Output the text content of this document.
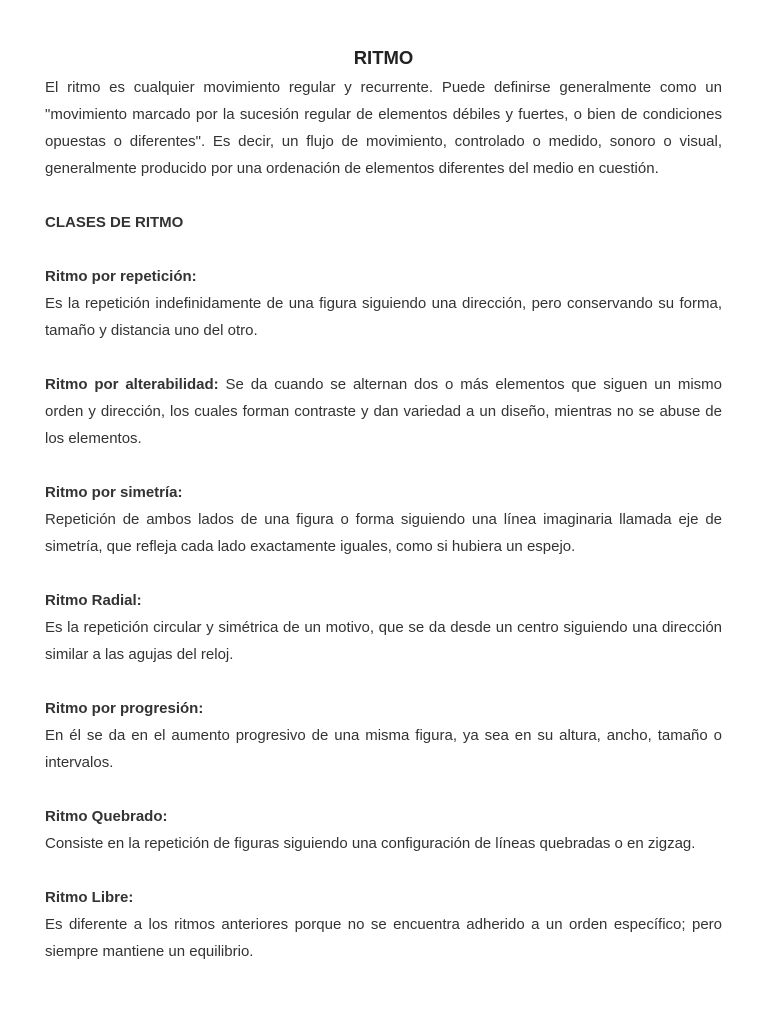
RITMO

El ritmo es cualquier movimiento regular y recurrente. Puede definirse generalmente como un "movimiento marcado por la sucesión regular de elementos débiles y fuertes, o bien de condiciones opuestas o diferentes". Es decir, un flujo de movimiento, controlado o medido, sonoro o visual, generalmente producido por una ordenación de elementos diferentes del medio en cuestión.

CLASES DE RITMO
Ritmo por repetición:
Es la repetición indefinidamente de una figura siguiendo una dirección, pero conservando su forma, tamaño y distancia uno del otro.

Ritmo por alterabilidad: Se da cuando se alternan dos o más elementos que siguen un mismo orden y dirección, los cuales forman contraste y dan variedad a un diseño, mientras no se abuse de los elementos.

Ritmo por simetría:
Repetición de ambos lados de una figura o forma siguiendo una línea imaginaria llamada eje de simetría, que refleja cada lado exactamente iguales, como si hubiera un espejo.
Ritmo Radial:
Es la repetición circular y simétrica de un motivo, que se da desde un centro siguiendo una dirección similar a las agujas del reloj.
Ritmo por progresión:
En él se da en el aumento progresivo de una misma figura, ya sea en su altura, ancho, tamaño o intervalos.
Ritmo Quebrado:
Consiste en la repetición de figuras siguiendo una configuración de líneas quebradas o en zigzag.
Ritmo Libre:
Es diferente a los ritmos anteriores porque no se encuentra adherido a un orden específico; pero siempre mantiene un equilibrio.
